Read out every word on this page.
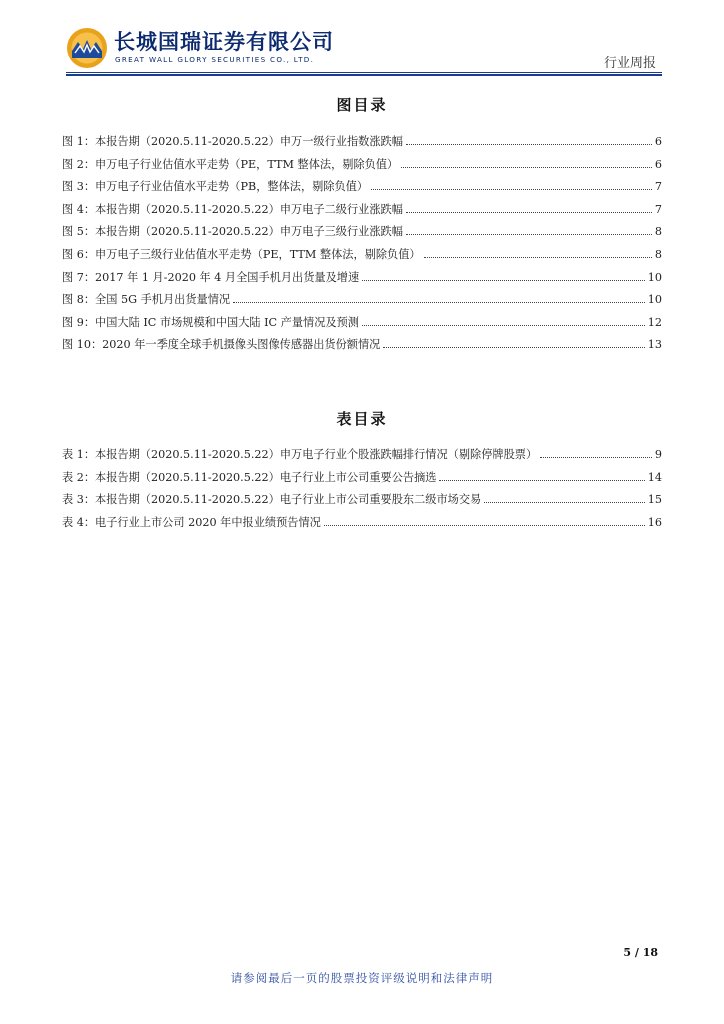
长城国瑞证券有限公司
GREAT WALL GLORY SECURITIES CO., LTD.	行业周报
图目录
图 1：本报告期（2020.5.11-2020.5.22）申万一级行业指数涨跌幅	6
图 2：申万电子行业估值水平走势（PE，TTM 整体法，剔除负值）	6
图 3：申万电子行业估值水平走势（PB，整体法，剔除负值）	7
图 4：本报告期（2020.5.11-2020.5.22）申万电子二级行业涨跌幅	7
图 5：本报告期（2020.5.11-2020.5.22）申万电子三级行业涨跌幅	8
图 6：申万电子三级行业估值水平走势（PE，TTM 整体法，剔除负值）	8
图 7：2017 年 1 月-2020 年 4 月全国手机月出货量及增速	10
图 8：全国 5G 手机月出货量情况	10
图 9：中国大陆 IC 市场规模和中国大陆 IC 产量情况及预测	12
图 10：2020 年一季度全球手机摄像头图像传感器出货份额情况	13
表目录
表 1：本报告期（2020.5.11-2020.5.22）申万电子行业个股涨跌幅排行情况（剔除停牌股票）	9
表 2：本报告期（2020.5.11-2020.5.22）电子行业上市公司重要公告摘选	14
表 3：本报告期（2020.5.11-2020.5.22）电子行业上市公司重要股东二级市场交易	15
表 4：电子行业上市公司 2020 年中报业绩预告情况	16
5 / 18
请参阅最后一页的股票投资评级说明和法律声明
